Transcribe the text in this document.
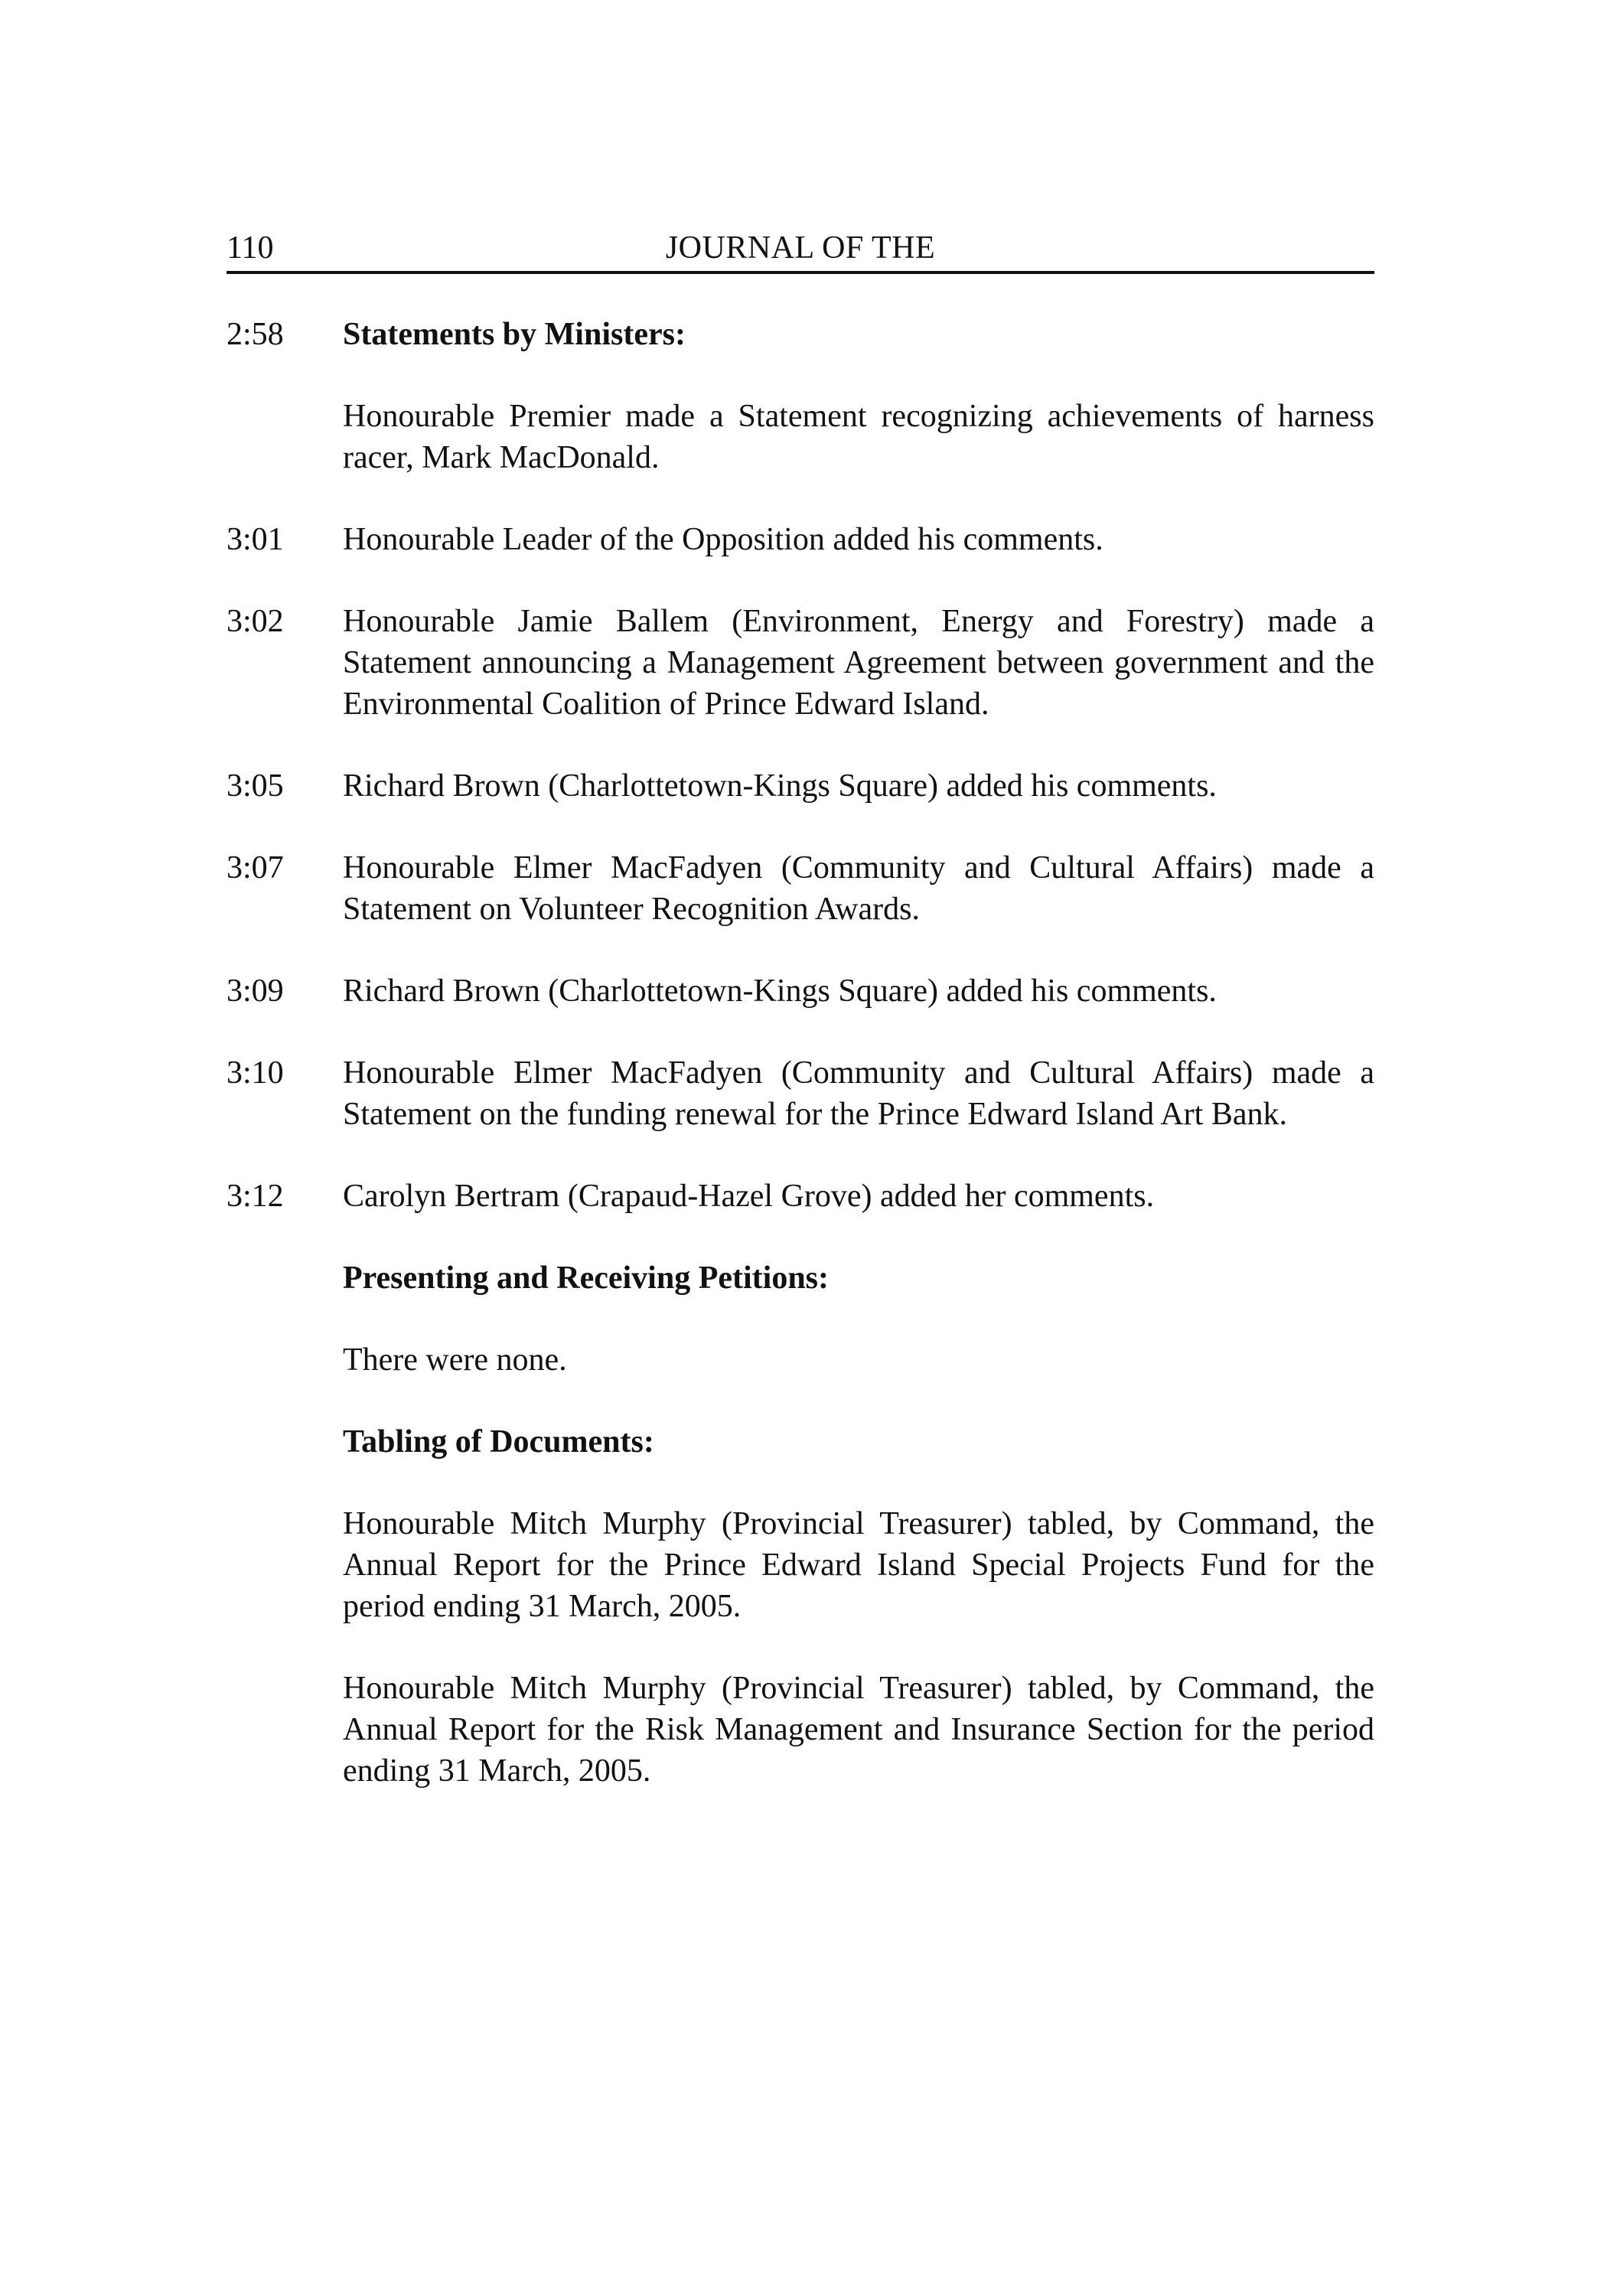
110	JOURNAL OF THE
2:58	Statements by Ministers:
Honourable Premier made a Statement recognizing achievements of harness racer, Mark MacDonald.
3:01	Honourable Leader of the Opposition added his comments.
3:02	Honourable Jamie Ballem (Environment, Energy and Forestry) made a Statement announcing a Management Agreement between government and the Environmental Coalition of Prince Edward Island.
3:05	Richard Brown (Charlottetown-Kings Square) added his comments.
3:07	Honourable Elmer MacFadyen (Community and Cultural Affairs) made a Statement on Volunteer Recognition Awards.
3:09	Richard Brown (Charlottetown-Kings Square) added his comments.
3:10	Honourable Elmer MacFadyen (Community and Cultural Affairs) made a Statement on the funding renewal for the Prince Edward Island Art Bank.
3:12	Carolyn Bertram (Crapaud-Hazel Grove) added her comments.
Presenting and Receiving Petitions:
There were none.
Tabling of Documents:
Honourable Mitch Murphy (Provincial Treasurer) tabled, by Command, the Annual Report for the Prince Edward Island Special Projects Fund for the period ending 31 March, 2005.
Honourable Mitch Murphy (Provincial Treasurer) tabled, by Command, the Annual Report for the Risk Management and Insurance Section for the period ending 31 March, 2005.
